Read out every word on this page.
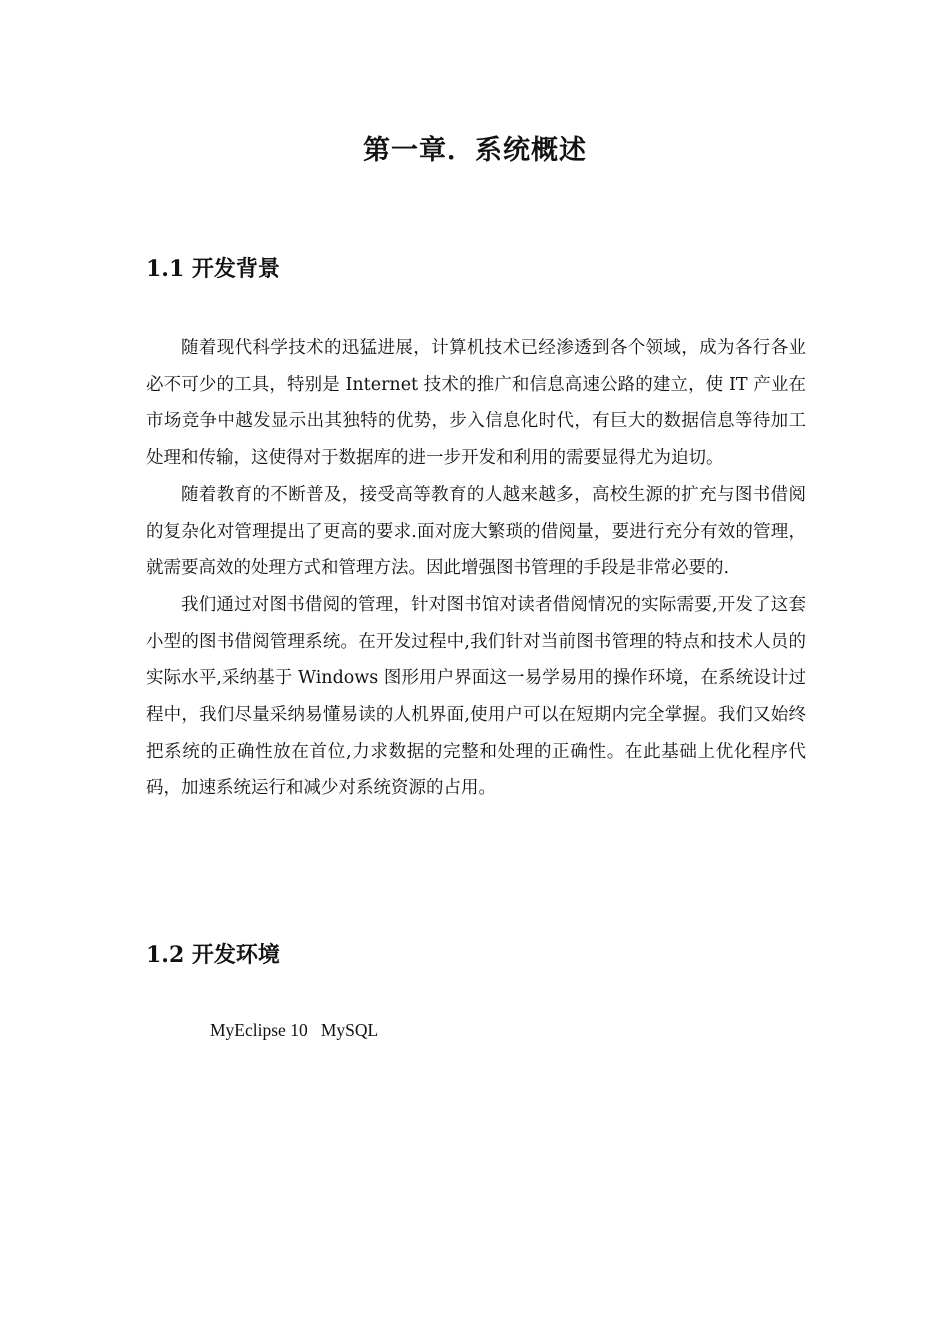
第一章．系统概述
1.1 开发背景

随着现代科学技术的迅猛进展，计算机技术已经渗透到各个领域，成为各行各业必不可少的工具，特别是 Internet 技术的推广和信息高速公路的建立，使 IT 产业在市场竞争中越发显示出其独特的优势，步入信息化时代，有巨大的数据信息等待加工处理和传输，这使得对于数据库的进一步开发和利用的需要显得尤为迫切。

随着教育的不断普及，接受高等教育的人越来越多，高校生源的扩充与图书借阅的复杂化对管理提出了更高的要求.面对庞大繁琐的借阅量，要进行充分有效的管理，就需要高效的处理方式和管理方法。因此增强图书管理的手段是非常必要的.

我们通过对图书借阅的管理，针对图书馆对读者借阅情况的实际需要,开发了这套小型的图书借阅管理系统。在开发过程中,我们针对当前图书管理的特点和技术人员的实际水平,采纳基于 Windows 图形用户界面这一易学易用的操作环境，在系统设计过程中，我们尽量采纳易懂易读的人机界面,使用户可以在短期内完全掌握。我们又始终把系统的正确性放在首位,力求数据的完整和处理的正确性。在此基础上优化程序代码，加速系统运行和减少对系统资源的占用。

1.2 开发环境

MyEclipse 10   MySQL
